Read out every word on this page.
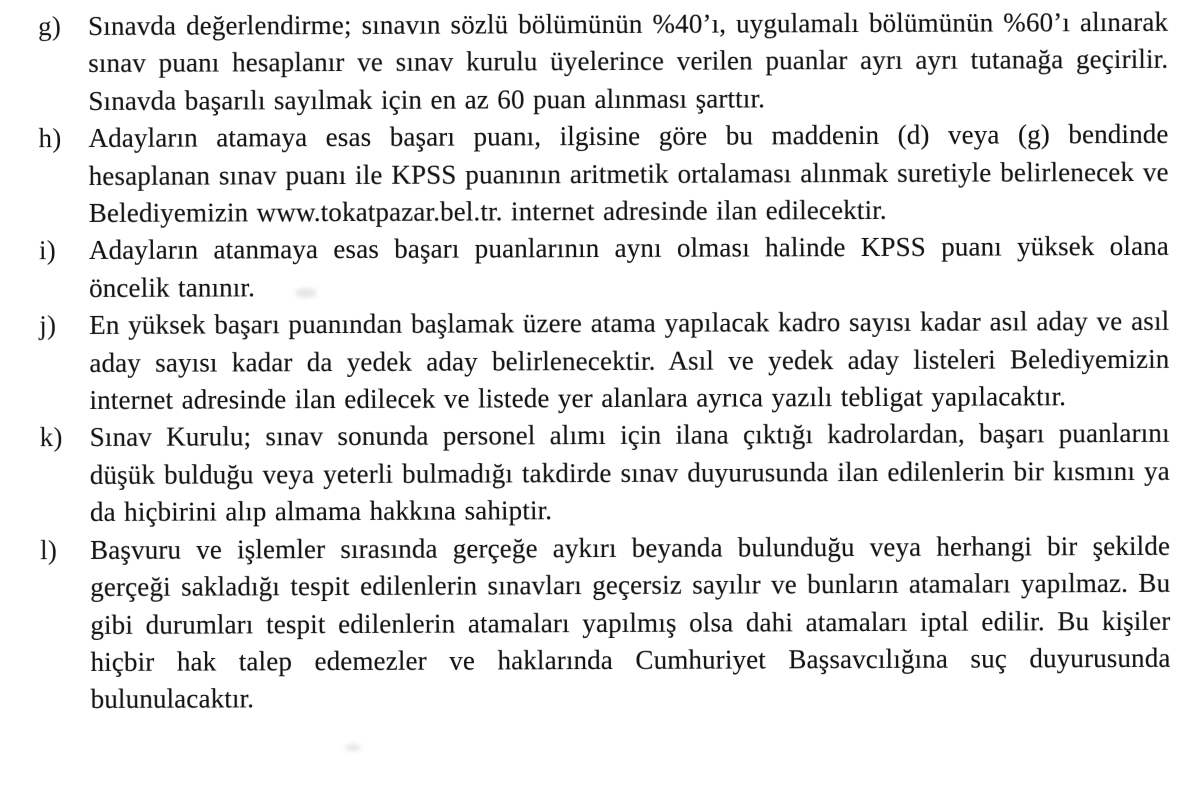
g) Sınavda değerlendirme; sınavın sözlü bölümünün %40’ı, uygulamalı bölümünün %60’ı alınarak sınav puanı hesaplanır ve sınav kurulu üyelerince verilen puanlar ayrı ayrı tutanağa geçirilir. Sınavda başarılı sayılmak için en az 60 puan alınması şarttır.

h) Adayların atamaya esas başarı puanı, ilgisine göre bu maddenin (d) veya (g) bendinde hesaplanan sınav puanı ile KPSS puanının aritmetik ortalaması alınmak suretiyle belirlenecek ve Belediyemizin www.tokatpazar.bel.tr. internet adresinde ilan edilecektir.

i)	Adayların atanmaya esas başarı puanlarının aynı olması halinde KPSS puanı yüksek olana öncelik tanınır.

j)	En yüksek başarı puanından başlamak üzere atama yapılacak kadro sayısı kadar asıl aday ve asıl aday sayısı kadar da yedek aday belirlenecektir. Asıl ve yedek aday listeleri Belediyemizin internet adresinde ilan edilecek ve listede yer alanlara ayrıca yazılı tebligat yapılacaktır.

k) Sınav Kurulu; sınav sonunda personel alımı için ilana çıktığı kadrolardan, başarı puanlarını düşük bulduğu veya yeterli bulmadığı takdirde sınav duyurusunda ilan edilenlerin bir kısmını ya da hiçbirini alıp almama hakkına sahiptir.

l)	Başvuru ve işlemler sırasında gerçeğe aykırı beyanda bulunduğu veya herhangi bir şekilde gerçeği sakladığı tespit edilenlerin sınavları geçersiz sayılır ve bunların atamaları yapılmaz. Bu gibi durumları tespit edilenlerin atamaları yapılmış olsa dahi atamaları iptal edilir. Bu kişiler hiçbir hak talep edemezler ve haklarında Cumhuriyet Başsavcılığına suç duyurusunda bulunulacaktır.
